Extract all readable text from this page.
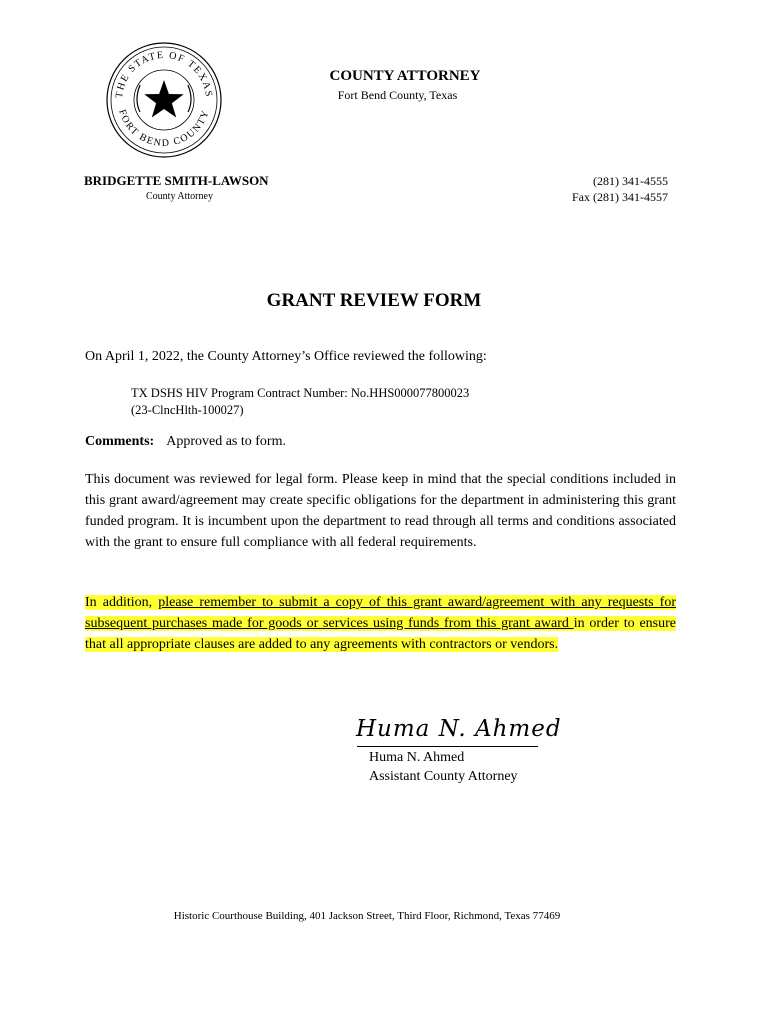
THE STATE OF TEXAS
FORT BEND COUNTY
COUNTY ATTORNEY
Fort Bend County, Texas
BRIDGETTE SMITH-LAWSON
County Attorney
(281) 341-4555
Fax (281) 341-4557
GRANT REVIEW FORM
On April 1, 2022, the County Attorney’s Office reviewed the following:
TX DSHS HIV Program Contract Number: No.HHS000077800023
(23-ClncHlth-100027)
Comments: Approved as to form.
This document was reviewed for legal form. Please keep in mind that the special conditions included in this grant award/agreement may create specific obligations for the department in administering this grant funded program. It is incumbent upon the department to read through all terms and conditions associated with the grant to ensure full compliance with all federal requirements.
In addition, please remember to submit a copy of this grant award/agreement with any requests for subsequent purchases made for goods or services using funds from this grant award in order to ensure that all appropriate clauses are added to any agreements with contractors or vendors.
Huma N. Ahmed
Huma N. Ahmed
Assistant County Attorney
Historic Courthouse Building, 401 Jackson Street, Third Floor, Richmond, Texas 77469
